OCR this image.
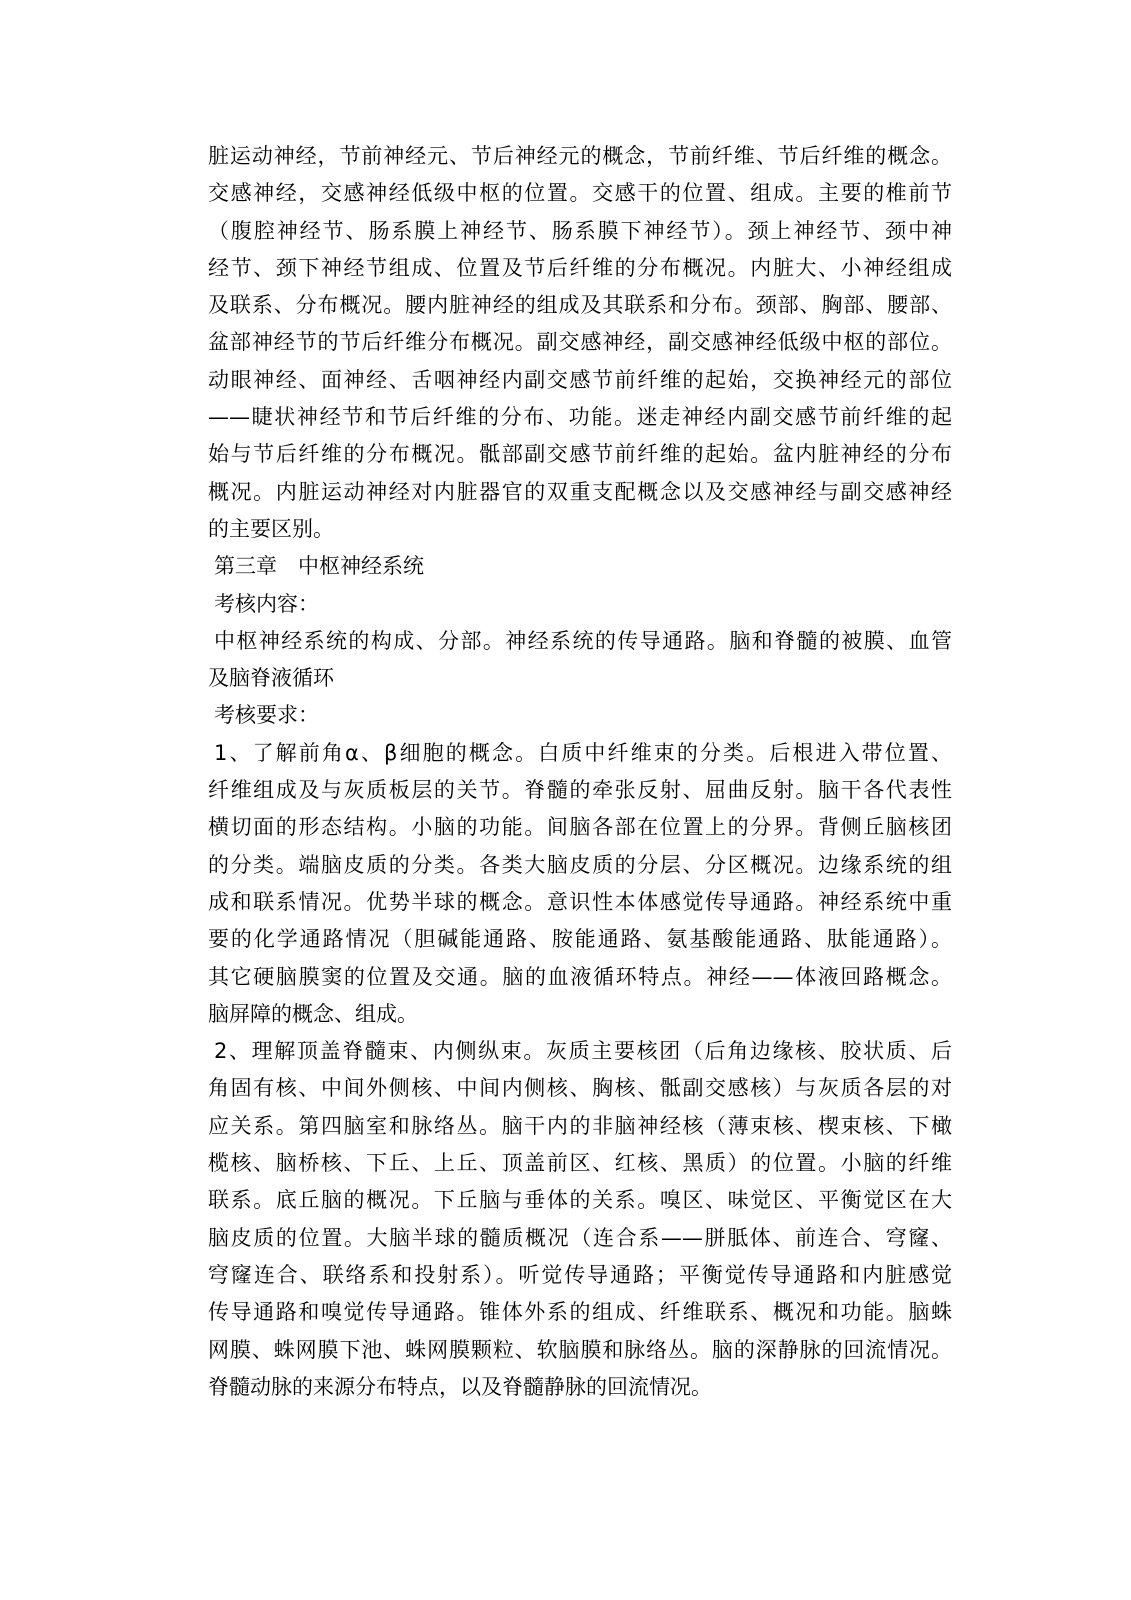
脏运动神经，节前神经元、节后神经元的概念，节前纤维、节后纤维的概念。
交感神经，交感神经低级中枢的位置。交感干的位置、组成。主要的椎前节
（腹腔神经节、肠系膜上神经节、肠系膜下神经节）。颈上神经节、颈中神
经节、颈下神经节组成、位置及节后纤维的分布概况。内脏大、小神经组成
及联系、分布概况。腰内脏神经的组成及其联系和分布。颈部、胸部、腰部、
盆部神经节的节后纤维分布概况。副交感神经，副交感神经低级中枢的部位。
动眼神经、面神经、舌咽神经内副交感节前纤维的起始，交换神经元的部位
——睫状神经节和节后纤维的分布、功能。迷走神经内副交感节前纤维的起
始与节后纤维的分布概况。骶部副交感节前纤维的起始。盆内脏神经的分布
概况。内脏运动神经对内脏器官的双重支配概念以及交感神经与副交感神经
的主要区别。
第三章　中枢神经系统
考核内容：
中枢神经系统的构成、分部。神经系统的传导通路。脑和脊髓的被膜、血管
及脑脊液循环
考核要求：
1、了解前角α、β细胞的概念。白质中纤维束的分类。后根进入带位置、
纤维组成及与灰质板层的关节。脊髓的牵张反射、屈曲反射。脑干各代表性
横切面的形态结构。小脑的功能。间脑各部在位置上的分界。背侧丘脑核团
的分类。端脑皮质的分类。各类大脑皮质的分层、分区概况。边缘系统的组
成和联系情况。优势半球的概念。意识性本体感觉传导通路。神经系统中重
要的化学通路情况（胆碱能通路、胺能通路、氨基酸能通路、肽能通路）。
其它硬脑膜窦的位置及交通。脑的血液循环特点。神经——体液回路概念。
脑屏障的概念、组成。
2、理解顶盖脊髓束、内侧纵束。灰质主要核团（后角边缘核、胶状质、后
角固有核、中间外侧核、中间内侧核、胸核、骶副交感核）与灰质各层的对
应关系。第四脑室和脉络丛。脑干内的非脑神经核（薄束核、楔束核、下橄
榄核、脑桥核、下丘、上丘、顶盖前区、红核、黑质）的位置。小脑的纤维
联系。底丘脑的概况。下丘脑与垂体的关系。嗅区、味觉区、平衡觉区在大
脑皮质的位置。大脑半球的髓质概况（连合系——胼胝体、前连合、穹窿、
穹窿连合、联络系和投射系）。听觉传导通路；平衡觉传导通路和内脏感觉
传导通路和嗅觉传导通路。锥体外系的组成、纤维联系、概况和功能。脑蛛
网膜、蛛网膜下池、蛛网膜颗粒、软脑膜和脉络丛。脑的深静脉的回流情况。
脊髓动脉的来源分布特点，以及脊髓静脉的回流情况。
